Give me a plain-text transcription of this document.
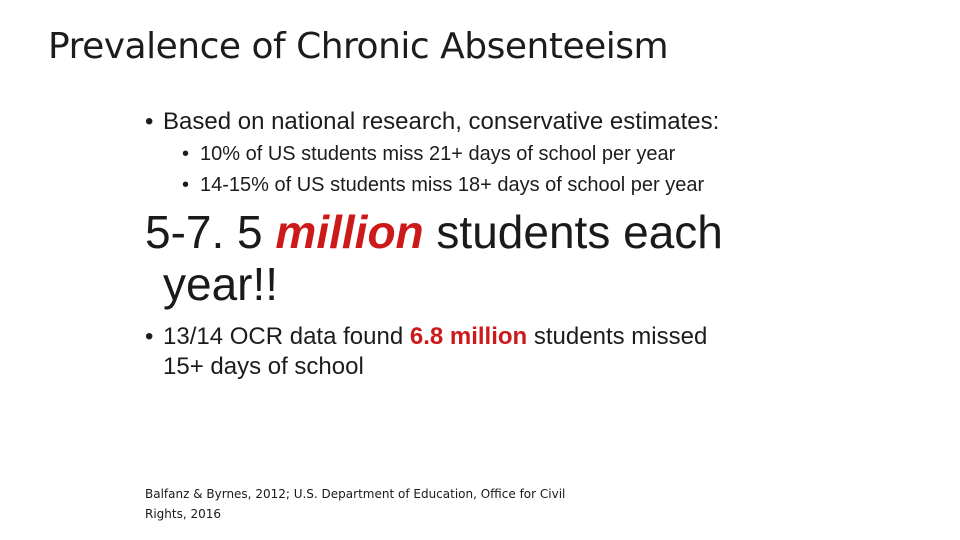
Prevalence of Chronic Absenteeism
• Based on national research, conservative estimates:
• 10% of US students miss 21+ days of school per year
• 14-15% of US students miss 18+ days of school per year
5-7. 5 million students each
year!!
• 13/14 OCR data found 6.8 million students missed
15+ days of school
Balfanz & Byrnes, 2012; U.S. Department of Education, Office for Civil
Rights, 2016
